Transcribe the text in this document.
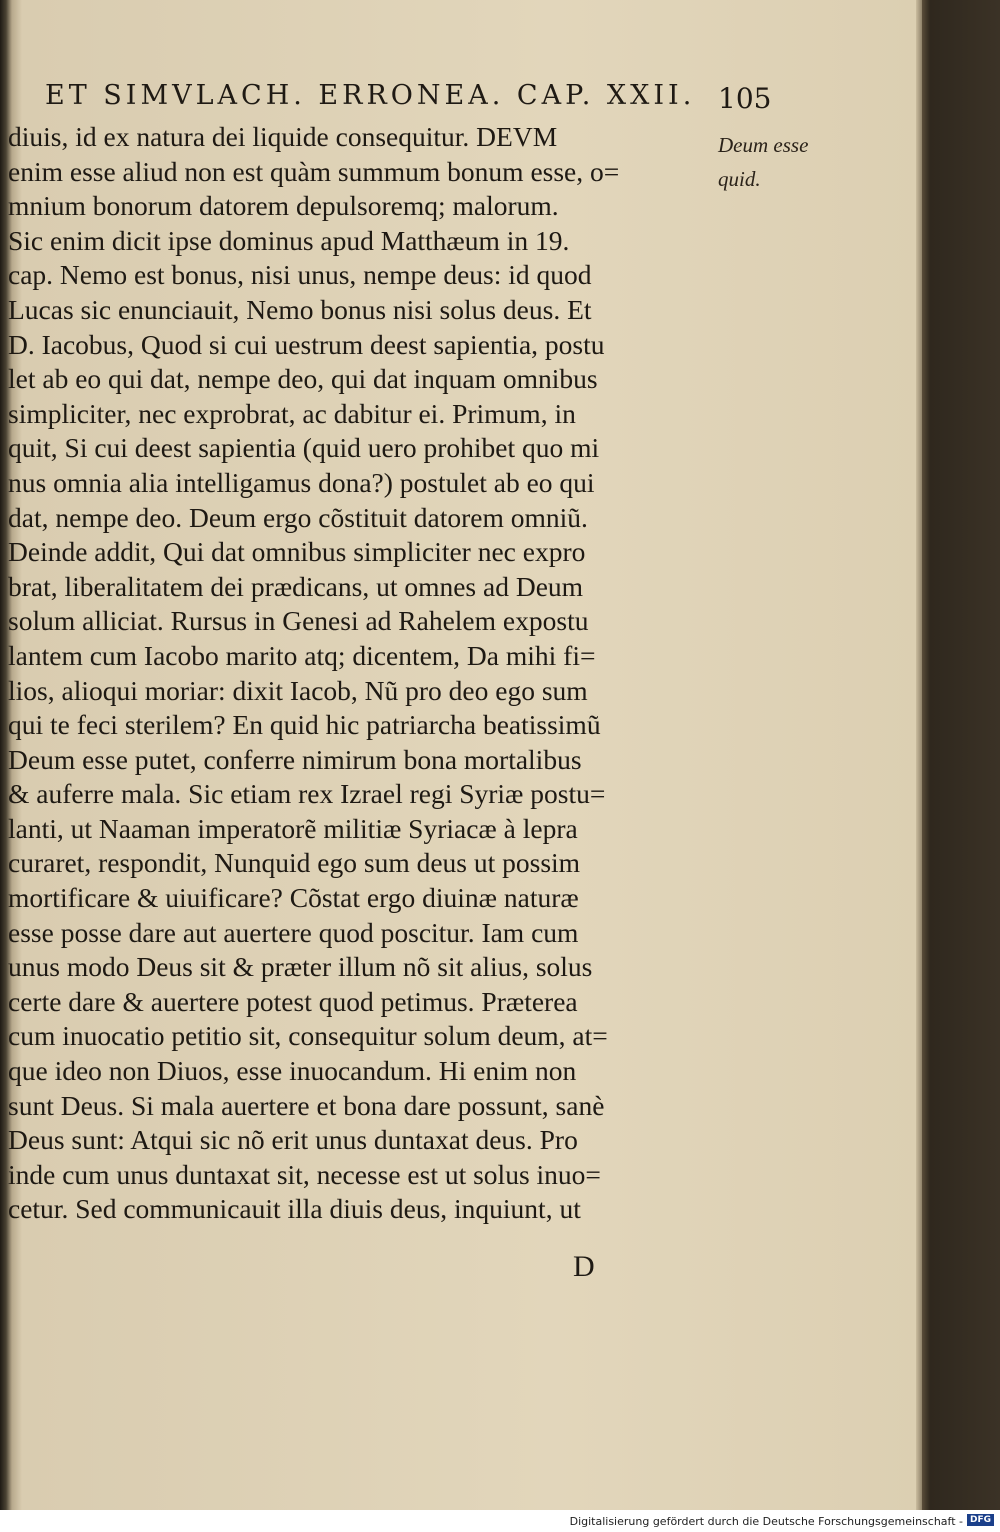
ET SIMVLACH. ERRONEA. CAP. XXII. 105
Deum esse
quid.
diuis, id ex natura dei liquide consequitur. DEVM
enim esse aliud non est quàm summum bonum esse, o=
mnium bonorum datorem depulsoremq; malorum.
Sic enim dicit ipse dominus apud Matthæum in 19.
cap. Nemo est bonus, nisi unus, nempe deus: id quod
Lucas sic enunciauit, Nemo bonus nisi solus deus. Et
D. Iacobus, Quod si cui uestrum deest sapientia, postu
let ab eo qui dat, nempe deo, qui dat inquam omnibus
simpliciter, nec exprobrat, ac dabitur ei. Primum, in
quit, Si cui deest sapientia (quid uero prohibet quo mi
nus omnia alia intelligamus dona?) postulet ab eo qui
dat, nempe deo. Deum ergo cõstituit datorem omniũ.
Deinde addit, Qui dat omnibus simpliciter nec expro
brat, liberalitatem dei prædicans, ut omnes ad Deum
solum alliciat. Rursus in Genesi ad Rahelem expostu
lantem cum Iacobo marito atq; dicentem, Da mihi fi=
lios, alioqui moriar: dixit Iacob, Nũ pro deo ego sum
qui te feci sterilem? En quid hic patriarcha beatissimũ
Deum esse putet, conferre nimirum bona mortalibus
& auferre mala. Sic etiam rex Izrael regi Syriæ postu=
lanti, ut Naaman imperatorẽ militiæ Syriacæ à lepra
curaret, respondit, Nunquid ego sum deus ut possim
mortificare & uiuificare? Cõstat ergo diuinæ naturæ
esse posse dare aut auertere quod poscitur. Iam cum
unus modo Deus sit & præter illum nõ sit alius, solus
certe dare & auertere potest quod petimus. Præterea
cum inuocatio petitio sit, consequitur solum deum, at=
que ideo non Diuos, esse inuocandum. Hi enim non
sunt Deus. Si mala auertere et bona dare possunt, sanè
Deus sunt: Atqui sic nõ erit unus duntaxat deus. Pro
inde cum unus duntaxat sit, necesse est ut solus inuo=
cetur. Sed communicauit illa diuis deus, inquiunt, ut
D
Digitalisierung gefördert durch die Deutsche Forschungsgemeinschaft - DFG
